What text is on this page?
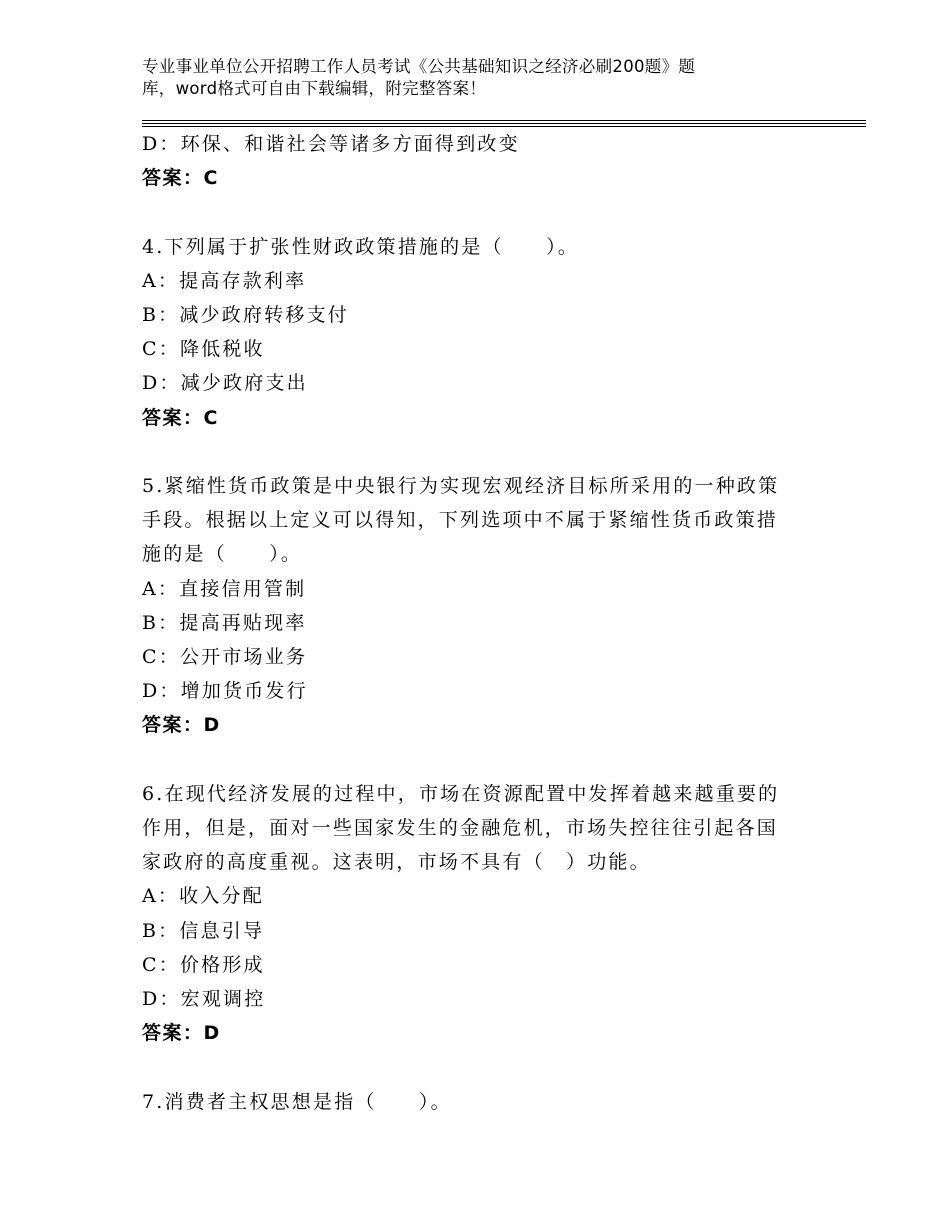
专业事业单位公开招聘工作人员考试《公共基础知识之经济必刷200题》题
库，word格式可自由下载编辑，附完整答案！
D：环保、和谐社会等诸多方面得到改变
答案：C
4.下列属于扩张性财政政策措施的是（　　）。
A：提高存款利率
B：减少政府转移支付
C：降低税收
D：减少政府支出
答案：C
5.紧缩性货币政策是中央银行为实现宏观经济目标所采用的一种政策
手段。根据以上定义可以得知，下列选项中不属于紧缩性货币政策措
施的是（　　）。
A：直接信用管制
B：提高再贴现率
C：公开市场业务
D：增加货币发行
答案：D
6.在现代经济发展的过程中，市场在资源配置中发挥着越来越重要的
作用，但是，面对一些国家发生的金融危机，市场失控往往引起各国
家政府的高度重视。这表明，市场不具有（　）功能。
A：收入分配
B：信息引导
C：价格形成
D：宏观调控
答案：D
7.消费者主权思想是指（　　）。
